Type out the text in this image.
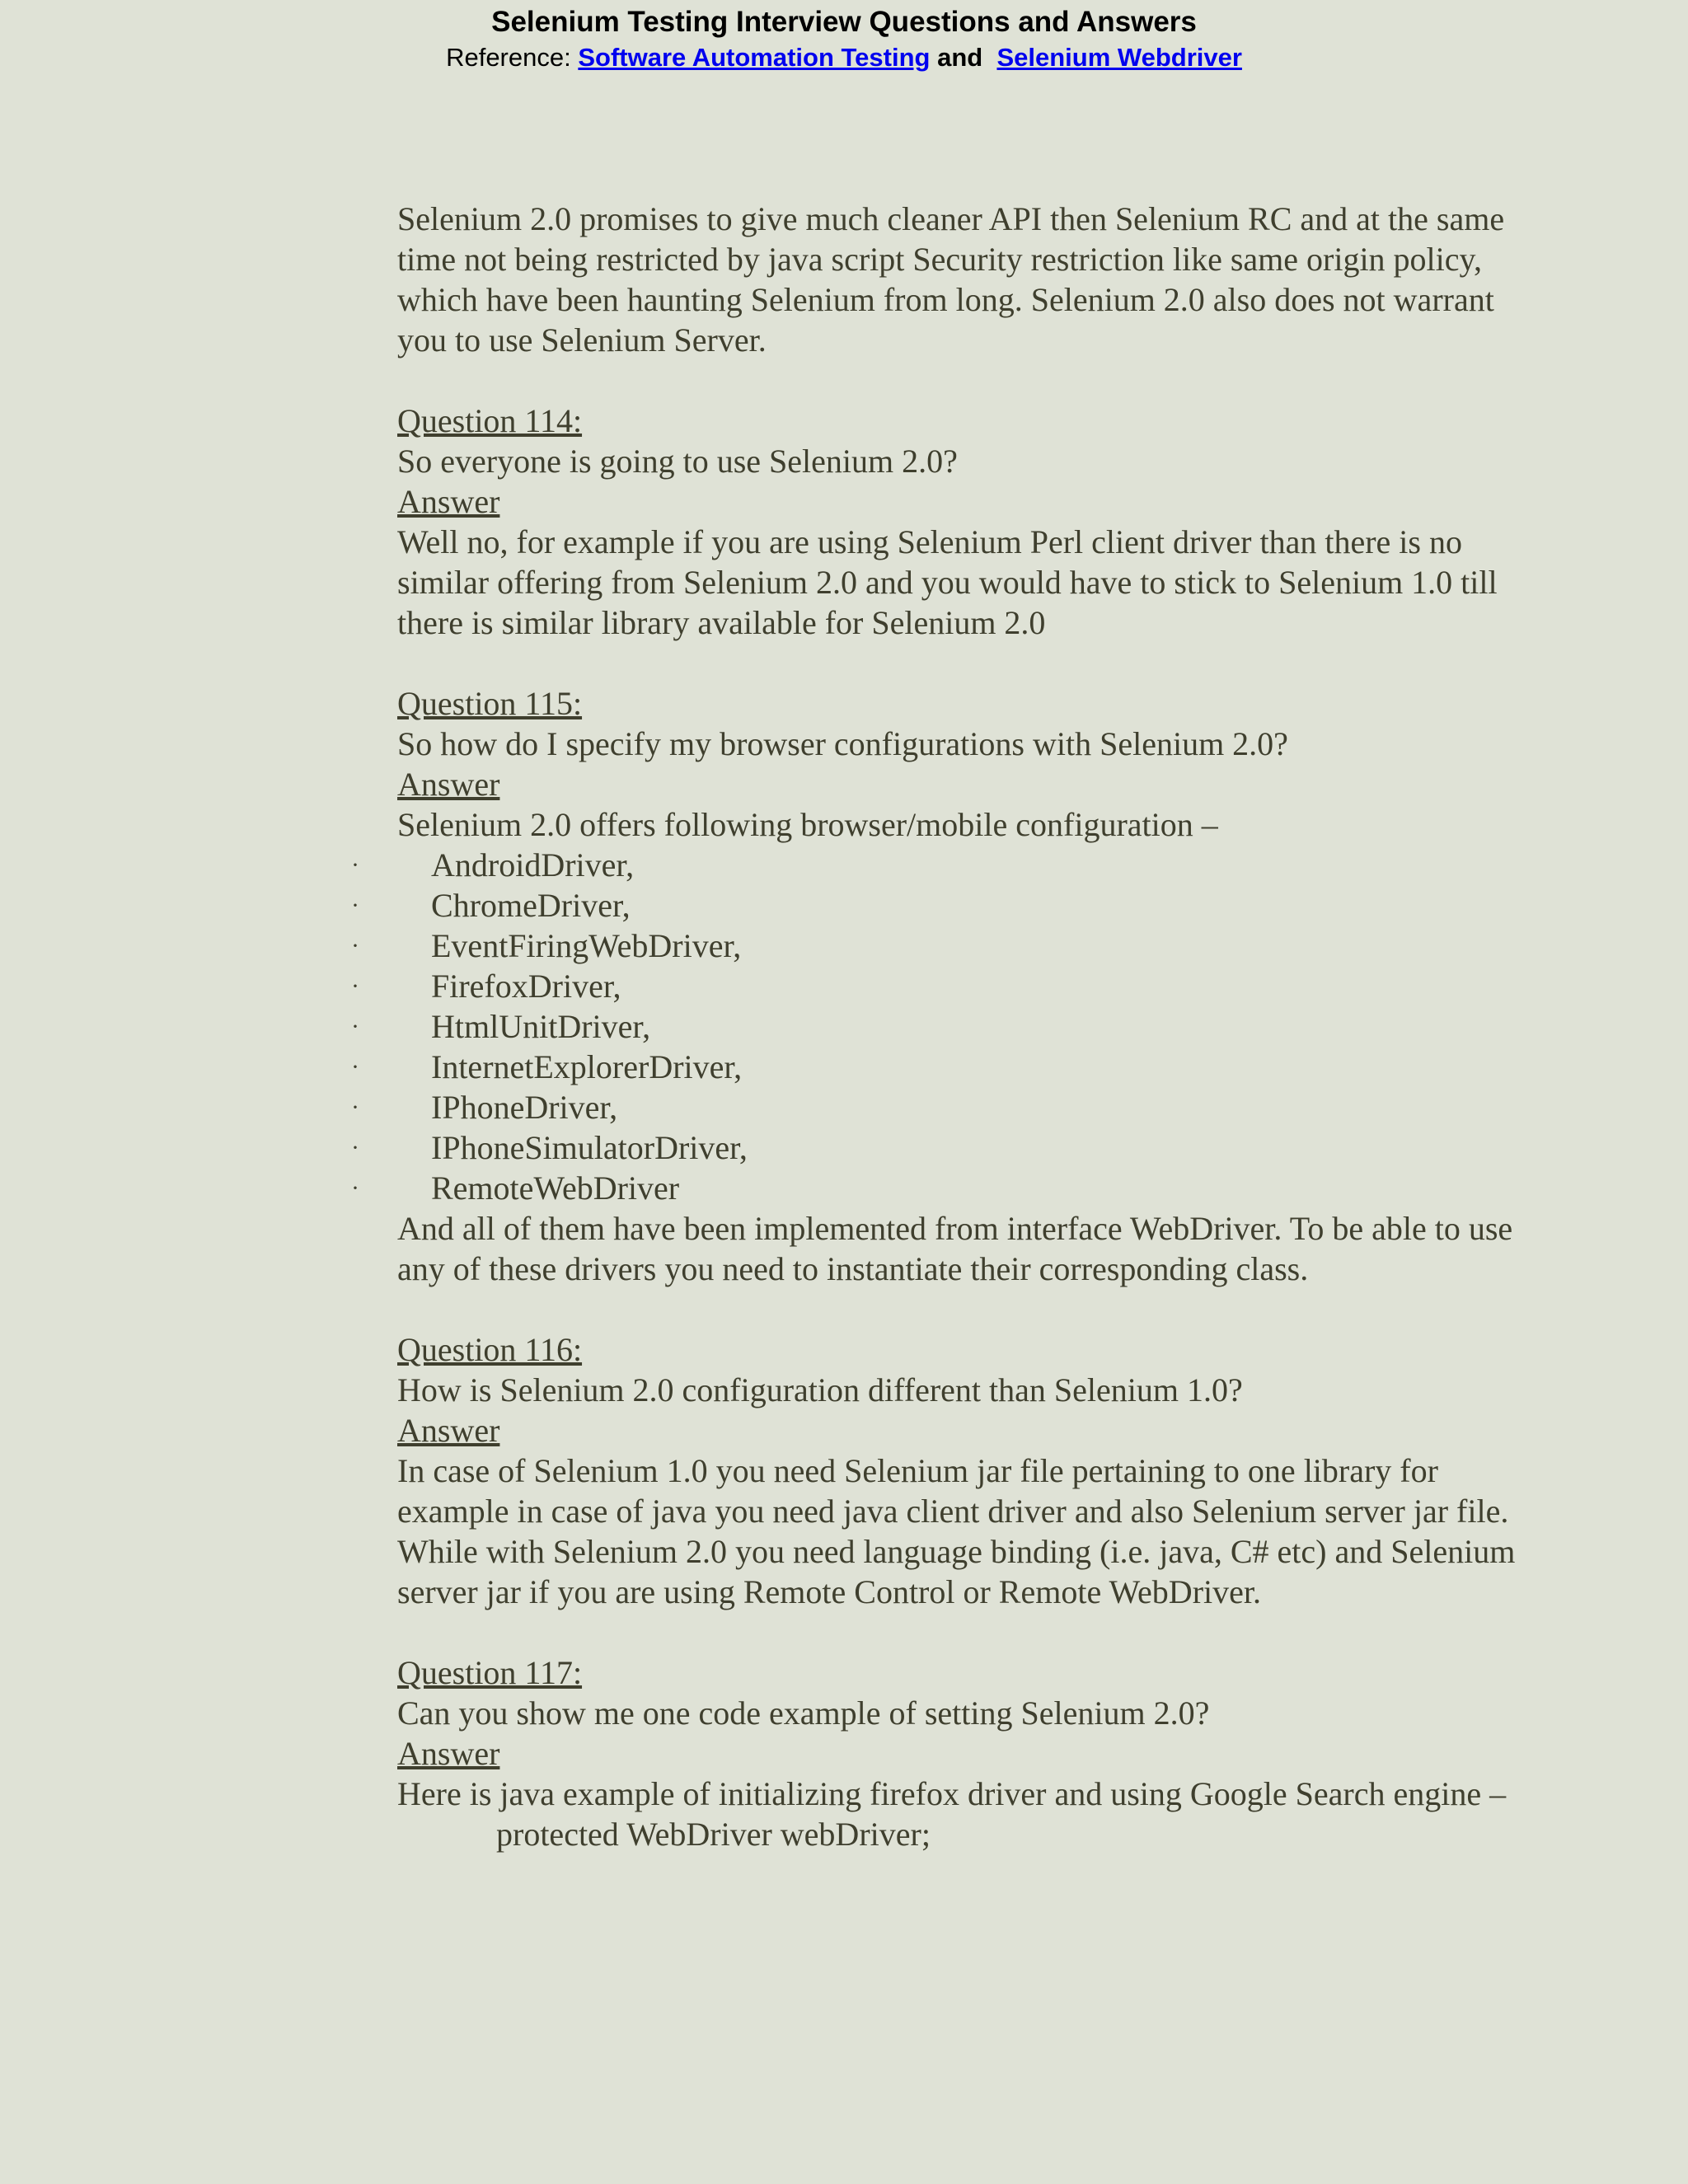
Selenium Testing Interview Questions and Answers
Reference: Software Automation Testing and Selenium Webdriver

Selenium 2.0 promises to give much cleaner API then Selenium RC and at the same time not being restricted by java script Security restriction like same origin policy, which have been haunting Selenium from long. Selenium 2.0 also does not warrant you to use Selenium Server.

Question 114:

So everyone is going to use Selenium 2.0?

Answer

Well no, for example if you are using Selenium Perl client driver than there is no similar offering from Selenium 2.0 and you would have to stick to Selenium 1.0 till there is similar library available for Selenium 2.0

Question 115:

So how do I specify my browser configurations with Selenium 2.0?

Answer

Selenium 2.0 offers following browser/mobile configuration –

· AndroidDriver,
· ChromeDriver,
· EventFiringWebDriver,
· FirefoxDriver,
· HtmlUnitDriver,
· InternetExplorerDriver,
· IPhoneDriver,
· IPhoneSimulatorDriver,
· RemoteWebDriver

And all of them have been implemented from interface WebDriver. To be able to use any of these drivers you need to instantiate their corresponding class.

Question 116:

How is Selenium 2.0 configuration different than Selenium 1.0?

Answer

In case of Selenium 1.0 you need Selenium jar file pertaining to one library for example in case of java you need java client driver and also Selenium server jar file. While with Selenium 2.0 you need language binding (i.e. java, C# etc) and Selenium server jar if you are using Remote Control or Remote WebDriver.

Question 117:

Can you show me one code example of setting Selenium 2.0?

Answer

Here is java example of initializing firefox driver and using Google Search engine –

protected WebDriver webDriver;
